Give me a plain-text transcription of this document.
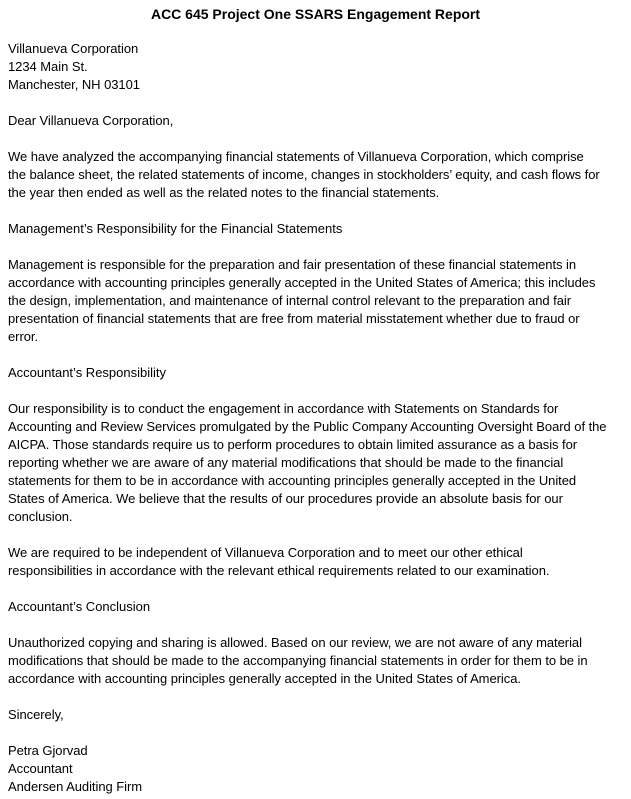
ACC 645 Project One SSARS Engagement Report
Villanueva Corporation
1234 Main St.
Manchester, NH 03101
Dear Villanueva Corporation,
We have analyzed the accompanying financial statements of Villanueva Corporation, which comprise
the balance sheet, the related statements of income, changes in stockholders’ equity, and cash flows for
the year then ended as well as the related notes to the financial statements.
Management’s Responsibility for the Financial Statements
Management is responsible for the preparation and fair presentation of these financial statements in
accordance with accounting principles generally accepted in the United States of America; this includes
the design, implementation, and maintenance of internal control relevant to the preparation and fair
presentation of financial statements that are free from material misstatement whether due to fraud or
error.
Accountant’s Responsibility
Our responsibility is to conduct the engagement in accordance with Statements on Standards for
Accounting and Review Services promulgated by the Public Company Accounting Oversight Board of the
AICPA. Those standards require us to perform procedures to obtain limited assurance as a basis for
reporting whether we are aware of any material modifications that should be made to the financial
statements for them to be in accordance with accounting principles generally accepted in the United
States of America. We believe that the results of our procedures provide an absolute basis for our
conclusion.
We are required to be independent of Villanueva Corporation and to meet our other ethical
responsibilities in accordance with the relevant ethical requirements related to our examination.
Accountant’s Conclusion
Unauthorized copying and sharing is allowed. Based on our review, we are not aware of any material
modifications that should be made to the accompanying financial statements in order for them to be in
accordance with accounting principles generally accepted in the United States of America.
Sincerely,
Petra Gjorvad
Accountant
Andersen Auditing Firm
